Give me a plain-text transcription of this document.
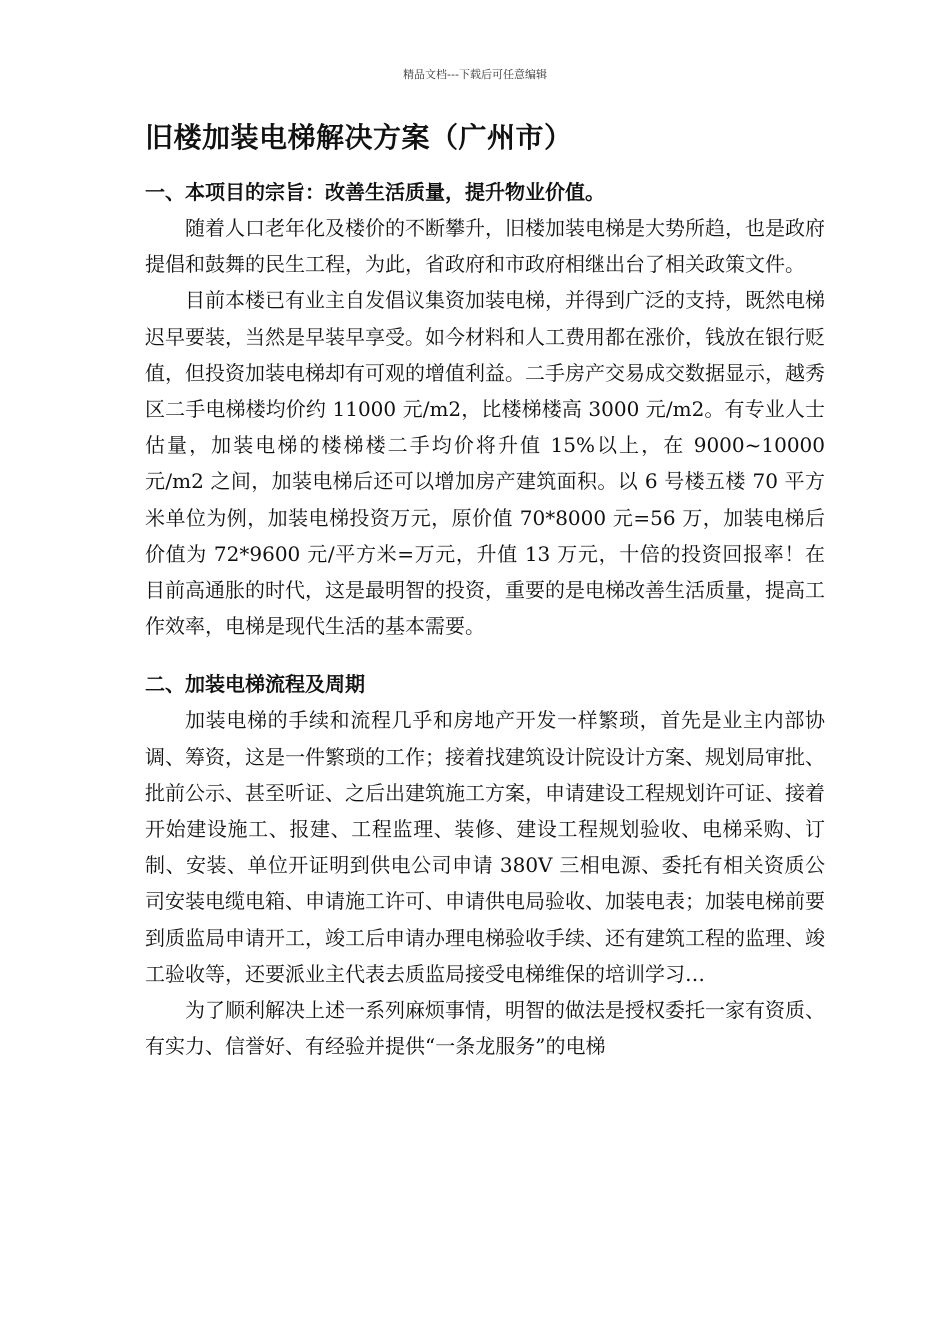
精品文档---下载后可任意编辑
旧楼加装电梯解决方案（广州市）
一、本项目的宗旨：改善生活质量，提升物业价值。

随着人口老年化及楼价的不断攀升，旧楼加装电梯是大势所趋，也是政府提倡和鼓舞的民生工程，为此，省政府和市政府相继出台了相关政策文件。

目前本楼已有业主自发倡议集资加装电梯，并得到广泛的支持，既然电梯迟早要装，当然是早装早享受。如今材料和人工费用都在涨价，钱放在银行贬值，但投资加装电梯却有可观的增值利益。二手房产交易成交数据显示，越秀区二手电梯楼均价约 11000 元/m2，比楼梯楼高 3000 元/m2。有专业人士估量，加装电梯的楼梯楼二手均价将升值 15%以上，在 9000~10000 元/m2 之间，加装电梯后还可以增加房产建筑面积。以 6 号楼五楼 70 平方米单位为例，加装电梯投资万元，原价值 70*8000 元=56 万，加装电梯后价值为 72*9600 元/平方米=万元，升值 13 万元，十倍的投资回报率！在目前高通胀的时代，这是最明智的投资，重要的是电梯改善生活质量，提高工作效率，电梯是现代生活的基本需要。

二、加装电梯流程及周期

加装电梯的手续和流程几乎和房地产开发一样繁琐，首先是业主内部协调、筹资，这是一件繁琐的工作；接着找建筑设计院设计方案、规划局审批、批前公示、甚至听证、之后出建筑施工方案，申请建设工程规划许可证、接着开始建设施工、报建、工程监理、装修、建设工程规划验收、电梯采购、订制、安装、单位开证明到供电公司申请 380V 三相电源、委托有相关资质公司安装电缆电箱、申请施工许可、申请供电局验收、加装电表；加装电梯前要到质监局申请开工，竣工后申请办理电梯验收手续、还有建筑工程的监理、竣工验收等，还要派业主代表去质监局接受电梯维保的培训学习…

为了顺利解决上述一系列麻烦事情，明智的做法是授权委托一家有资质、有实力、信誉好、有经验并提供“一条龙服务”的电梯
